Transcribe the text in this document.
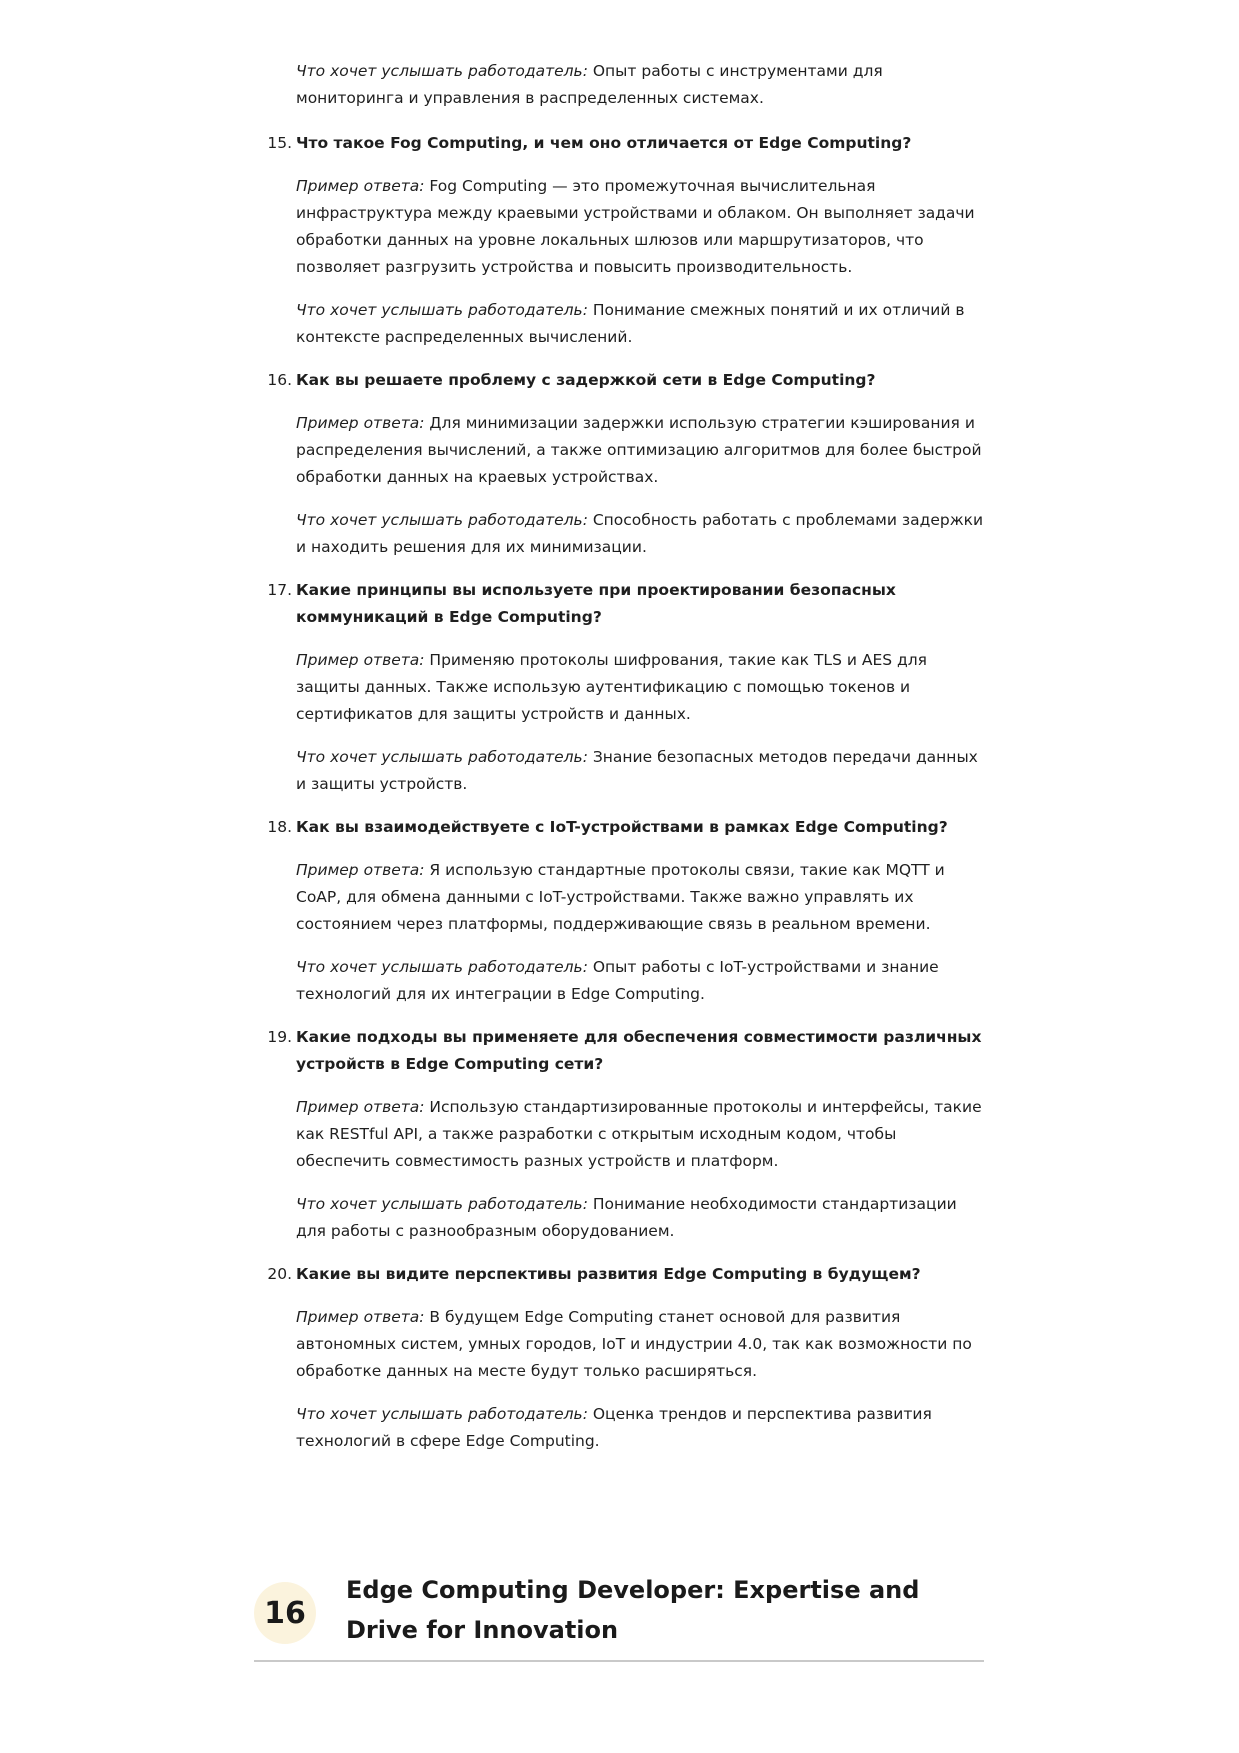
Что хочет услышать работодатель: Опыт работы с инструментами для мониторинга и управления в распределенных системах.

15. Что такое Fog Computing, и чем оно отличается от Edge Computing?

Пример ответа: Fog Computing — это промежуточная вычислительная инфраструктура между краевыми устройствами и облаком. Он выполняет задачи обработки данных на уровне локальных шлюзов или маршрутизаторов, что позволяет разгрузить устройства и повысить производительность.

Что хочет услышать работодатель: Понимание смежных понятий и их отличий в контексте распределенных вычислений.

16. Как вы решаете проблему с задержкой сети в Edge Computing?

Пример ответа: Для минимизации задержки использую стратегии кэширования и распределения вычислений, а также оптимизацию алгоритмов для более быстрой обработки данных на краевых устройствах.

Что хочет услышать работодатель: Способность работать с проблемами задержки и находить решения для их минимизации.

17. Какие принципы вы используете при проектировании безопасных коммуникаций в Edge Computing?

Пример ответа: Применяю протоколы шифрования, такие как TLS и AES для защиты данных. Также использую аутентификацию с помощью токенов и сертификатов для защиты устройств и данных.

Что хочет услышать работодатель: Знание безопасных методов передачи данных и защиты устройств.

18. Как вы взаимодействуете с IoT-устройствами в рамках Edge Computing?

Пример ответа: Я использую стандартные протоколы связи, такие как MQTT и CoAP, для обмена данными с IoT-устройствами. Также важно управлять их состоянием через платформы, поддерживающие связь в реальном времени.

Что хочет услышать работодатель: Опыт работы с IoT-устройствами и знание технологий для их интеграции в Edge Computing.

19. Какие подходы вы применяете для обеспечения совместимости различных устройств в Edge Computing сети?

Пример ответа: Использую стандартизированные протоколы и интерфейсы, такие как RESTful API, а также разработки с открытым исходным кодом, чтобы обеспечить совместимость разных устройств и платформ.

Что хочет услышать работодатель: Понимание необходимости стандартизации для работы с разнообразным оборудованием.

20. Какие вы видите перспективы развития Edge Computing в будущем?

Пример ответа: В будущем Edge Computing станет основой для развития автономных систем, умных городов, IoT и индустрии 4.0, так как возможности по обработке данных на месте будут только расширяться.

Что хочет услышать работодатель: Оценка трендов и перспектива развития технологий в сфере Edge Computing.

16
Edge Computing Developer: Expertise and Drive for Innovation
